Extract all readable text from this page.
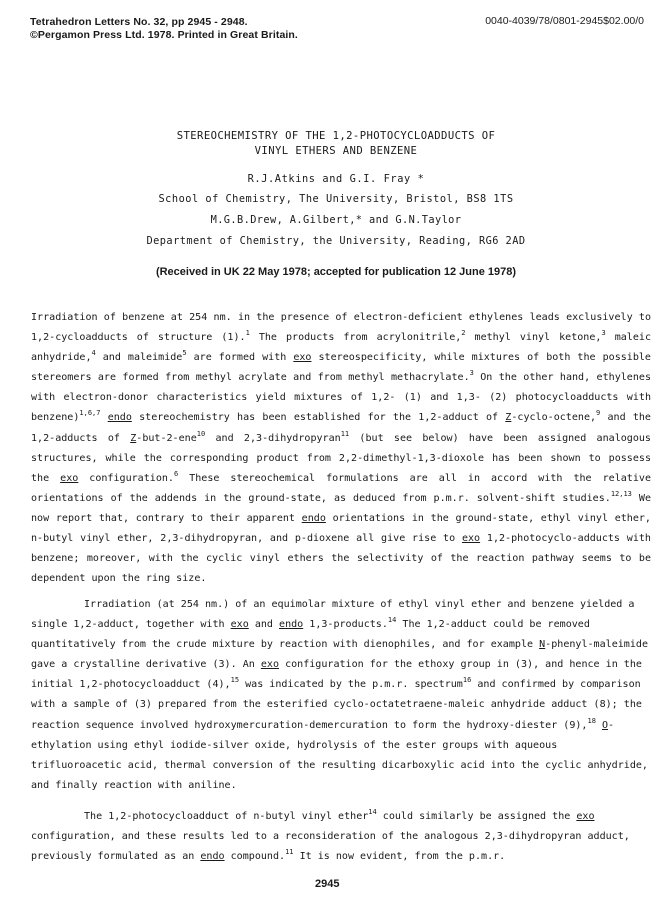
Tetrahedron Letters No. 32, pp 2945 - 2948.
©Pergamon Press Ltd. 1978. Printed in Great Britain.
0040-4039/78/0801-2945$02.00/0
STEREOCHEMISTRY OF THE 1,2-PHOTOCYCLOADDUCTS OF
VINYL ETHERS AND BENZENE
R.J.Atkins and G.I. Fray *
School of Chemistry, The University, Bristol, BS8 1TS
M.G.B.Drew, A.Gilbert,* and G.N.Taylor
Department of Chemistry, the University, Reading, RG6 2AD
(Received in UK 22 May 1978; accepted for publication 12 June 1978)

Irradiation of benzene at 254 nm. in the presence of electron-deficient ethylenes leads exclusively to 1,2-cycloadducts of structure (1).$^1$ The products from acrylonitrile,$^2$ methyl vinyl ketone,$^3$ maleic anhydride,$^4$ and maleimide$^5$ are formed with exo stereospecificity, while mixtures of both the possible stereomers are formed from methyl acrylate and from methyl methacrylate.$^3$ On the other hand, ethylenes with electron-donor characteristics yield mixtures of 1,2- (1) and 1,3- (2) photocycloadducts with benzene)$^{1,6,7}$ endo stereochemistry has been established for the 1,2-adduct of Z-cyclo-octene,$^9$ and the 1,2-adducts of Z-but-2-ene$^{10}$ and 2,3-dihydropyran$^{11}$ (but see below) have been assigned analogous structures, while the corresponding product from 2,2-dimethyl-1,3-dioxole has been shown to possess the exo configuration.$^6$ These stereochemical formulations are all in accord with the relative orientations of the addends in the ground-state, as deduced from p.m.r. solvent-shift studies.$^{12,13}$ We now report that, contrary to their apparent endo orientations in the ground-state, ethyl vinyl ether, n-butyl vinyl ether, 2,3-dihydropyran, and p-dioxene all give rise to exo 1,2-photocyclo-adducts with benzene; moreover, with the cyclic vinyl ethers the selectivity of the reaction pathway seems to be dependent upon the ring size.

Irradiation (at 254 nm.) of an equimolar mixture of ethyl vinyl ether and benzene yielded a single 1,2-adduct, together with exo and endo 1,3-products.$^{14}$ The 1,2-adduct could be removed quantitatively from the crude mixture by reaction with dienophiles, and for example N-phenyl-maleimide gave a crystalline derivative (3). An exo configuration for the ethoxy group in (3), and hence in the initial 1,2-photocycloadduct (4),$^{15}$ was indicated by the p.m.r. spectrum$^{16}$ and confirmed by comparison with a sample of (3) prepared from the esterified cyclo-octatetraene-maleic anhydride adduct (8); the reaction sequence involved hydroxymercuration-demercuration to form the hydroxy-diester (9),$^{18}$ O-ethylation using ethyl iodide-silver oxide, hydrolysis of the ester groups with aqueous trifluoroacetic acid, thermal conversion of the resulting dicarboxylic acid into the cyclic anhydride, and finally reaction with aniline.

The 1,2-photocycloadduct of n-butyl vinyl ether$^{14}$ could similarly be assigned the exo configuration, and these results led to a reconsideration of the analogous 2,3-dihydropyran adduct, previously formulated as an endo compound.$^{11}$ It is now evident, from the p.m.r.

2945
